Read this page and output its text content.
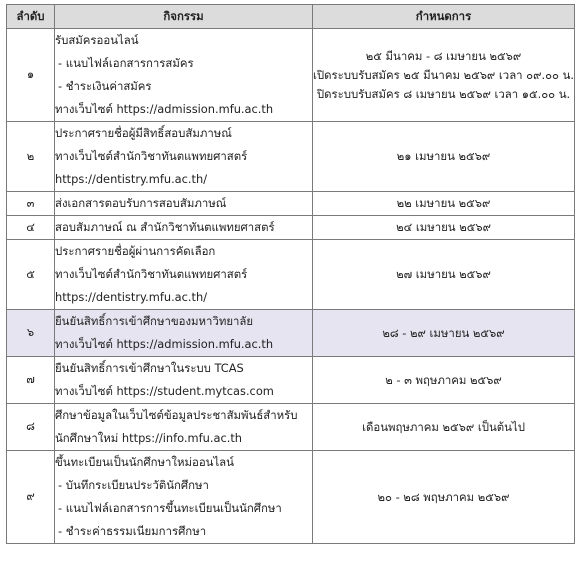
ลำดับ	กิจกรรม	กำหนดการ
๑	รับสมัครออนไลน์
- แนบไฟล์เอกสารการสมัคร
- ชำระเงินค่าสมัคร
ทางเว็บไซต์ https://admission.mfu.ac.th	๒๕ มีนาคม - ๘ เมษายน ๒๕๖๙
เปิดระบบรับสมัคร ๒๕ มีนาคม ๒๕๖๙ เวลา ๐๙.๐๐ น.
ปิดระบบรับสมัคร ๘ เมษายน ๒๕๖๙ เวลา ๑๕.๐๐ น.

๒	ประกาศรายชื่อผู้มีสิทธิ์สอบสัมภาษณ์
ทางเว็บไซต์สำนักวิชาทันตแพทยศาสตร์
https://dentistry.mfu.ac.th/	๒๑ เมษายน ๒๕๖๙

๓	ส่งเอกสารตอบรับการสอบสัมภาษณ์	๒๒ เมษายน ๒๕๖๙

๔	สอบสัมภาษณ์ ณ สำนักวิชาทันตแพทยศาสตร์	๒๔ เมษายน ๒๕๖๙

๕	ประกาศรายชื่อผู้ผ่านการคัดเลือก
ทางเว็บไซต์สำนักวิชาทันตแพทยศาสตร์
https://dentistry.mfu.ac.th/	๒๗ เมษายน ๒๕๖๙

๖	ยืนยันสิทธิ์การเข้าศึกษาของมหาวิทยาลัย
ทางเว็บไซต์ https://admission.mfu.ac.th	๒๘ - ๒๙ เมษายน ๒๕๖๙

๗	ยืนยันสิทธิ์การเข้าศึกษาในระบบ TCAS
ทางเว็บไซต์ https://student.mytcas.com	๒ - ๓ พฤษภาคม ๒๕๖๙

๘	ศึกษาข้อมูลในเว็บไซต์ข้อมูลประชาสัมพันธ์สำหรับ
นักศึกษาใหม่ https://info.mfu.ac.th	เดือนพฤษภาคม ๒๕๖๙ เป็นต้นไป

๙	ขึ้นทะเบียนเป็นนักศึกษาใหม่ออนไลน์
- บันทึกระเบียนประวัตินักศึกษา
- แนบไฟล์เอกสารการขึ้นทะเบียนเป็นนักศึกษา
- ชำระค่าธรรมเนียมการศึกษา	๒๐ - ๒๘ พฤษภาคม ๒๕๖๙
